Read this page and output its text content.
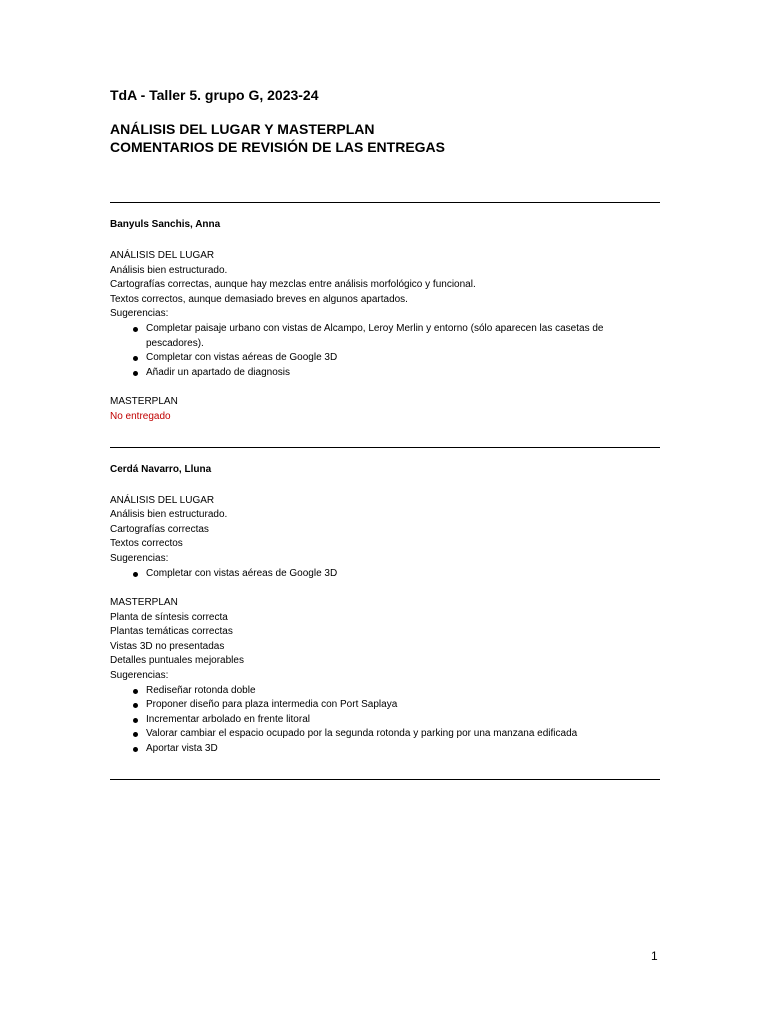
TdA - Taller 5. grupo G, 2023-24
ANÁLISIS DEL LUGAR Y MASTERPLAN
COMENTARIOS DE REVISIÓN DE LAS ENTREGAS
Banyuls Sanchis, Anna
ANÁLISIS DEL LUGAR
Análisis bien estructurado.
Cartografías correctas, aunque hay mezclas entre análisis morfológico y funcional.
Textos correctos, aunque demasiado breves en algunos apartados.
Sugerencias:
Completar paisaje urbano con vistas de Alcampo, Leroy Merlin y entorno (sólo aparecen las casetas de pescadores).
Completar con vistas aéreas de Google 3D
Añadir un apartado de diagnosis
MASTERPLAN
No entregado
Cerdá Navarro, Lluna
ANÁLISIS DEL LUGAR
Análisis bien estructurado.
Cartografías correctas
Textos correctos
Sugerencias:
Completar con vistas aéreas de Google 3D
MASTERPLAN
Planta de síntesis correcta
Plantas temáticas correctas
Vistas 3D no presentadas
Detalles puntuales mejorables
Sugerencias:
Rediseñar rotonda doble
Proponer diseño para plaza intermedia con Port Saplaya
Incrementar arbolado en frente litoral
Valorar cambiar el espacio ocupado por la segunda rotonda y parking por una manzana edificada
Aportar vista 3D
1
